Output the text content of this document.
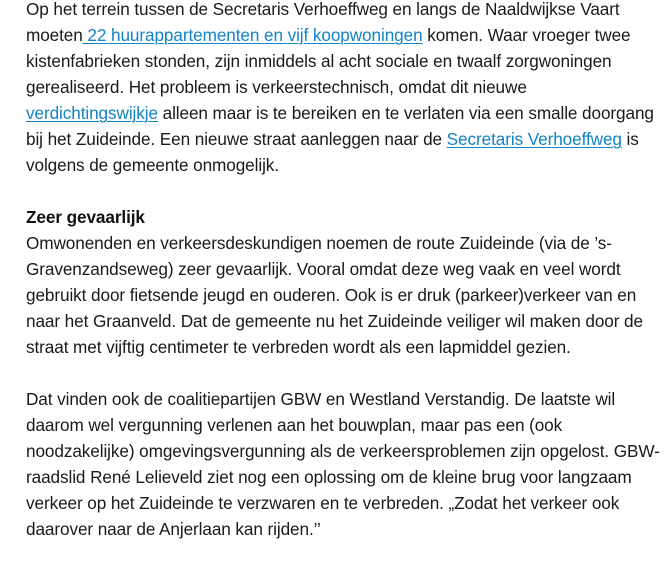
Op het terrein tussen de Secretaris Verhoeffweg en langs de Naaldwijkse Vaart moeten 22 huurappartementen en vijf koopwoningen komen. Waar vroeger twee kistenfabrieken stonden, zijn inmiddels al acht sociale en twaalf zorgwoningen gerealiseerd. Het probleem is verkeerstechnisch, omdat dit nieuwe verdichtingswijkje alleen maar is te bereiken en te verlaten via een smalle doorgang bij het Zuideinde. Een nieuwe straat aanleggen naar de Secretaris Verhoeffweg is volgens de gemeente onmogelijk.

Zeer gevaarlijk

Omwonenden en verkeersdeskundigen noemen de route Zuideinde (via de ’s-Gravenzandseweg) zeer gevaarlijk. Vooral omdat deze weg vaak en veel wordt gebruikt door fietsende jeugd en ouderen. Ook is er druk (parkeer)verkeer van en naar het Graanveld. Dat de gemeente nu het Zuideinde veiliger wil maken door de straat met vijftig centimeter te verbreden wordt als een lapmiddel gezien.

Dat vinden ook de coalitiepartijen GBW en Westland Verstandig. De laatste wil daarom wel vergunning verlenen aan het bouwplan, maar pas een (ook noodzakelijke) omgevingsvergunning als de verkeersproblemen zijn opgelost. GBW-raadslid René Lelieveld ziet nog een oplossing om de kleine brug voor langzaam verkeer op het Zuideinde te verzwaren en te verbreden. „Zodat het verkeer ook daarover naar de Anjerlaan kan rijden.’’
